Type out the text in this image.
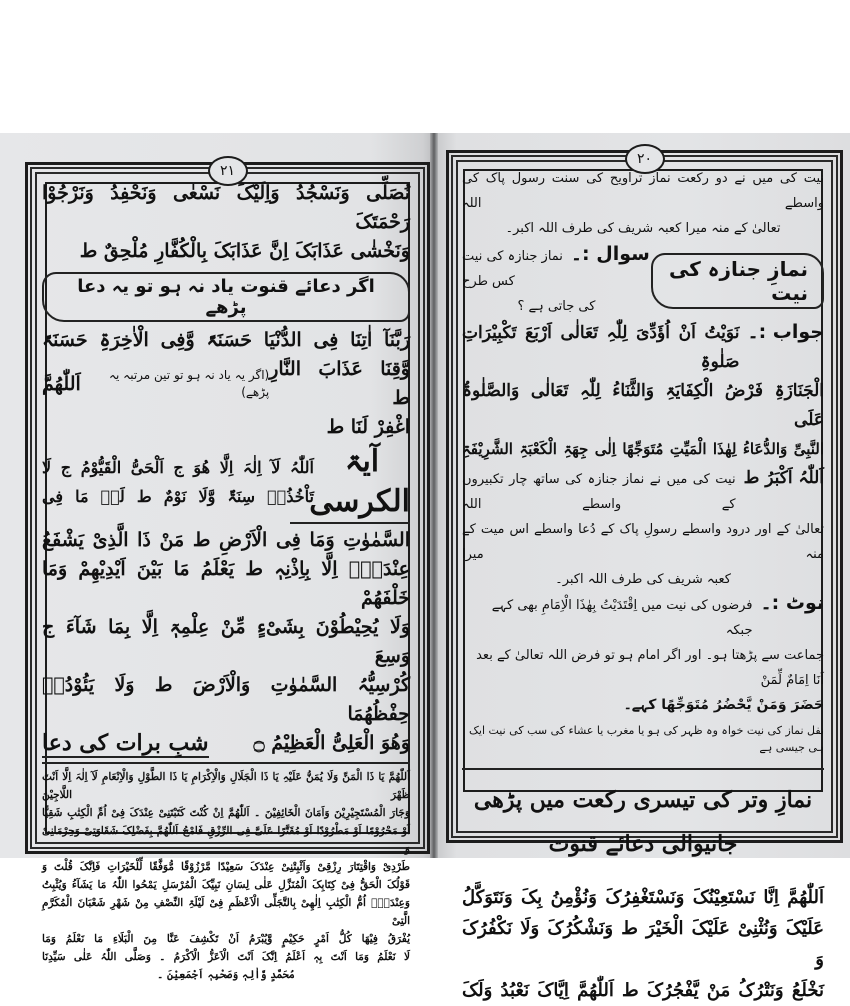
٢١
نُصَلِّی وَنَسْجُدُ وَاِلَیْکَ نَسْعٰی وَنَحْفِدُ وَنَرْجُوْا رَحْمَتَکَ
وَنَخْشٰی عَذَابَکَ اِنَّ عَذَابَکَ بِالْکُفَّارِ مُلْحِقٌ ط
اگر دعائے قنوت یاد نہ ہو تو یہ دعا پڑھے
رَبَّنَآ اٰتِنَا فِی الدُّنْیَا حَسَنَۃً وَّفِی الْاٰخِرَۃِ حَسَنَۃً
وَّقِنَا عَذَابَ النَّارِ ط
(اگر یہ یاد نہ ہو تو تین مرتبہ یہ پڑھے)
اَللّٰھُمَّ
اغْفِرْ لَنَا ط
آیۃ الکرسی
اَللّٰہُ لَآ اِلٰہَ اِلَّا ھُوَ ج اَلْحَیُّ الْقَیُّوْمُ ج لَا
تَاْخُذُہٗ سِنَۃٌ وَّلَا نَوْمٌ ط لَہٗ مَا فِی
السَّمٰوٰتِ وَمَا فِی الْاَرْضِ ط مَنْ ذَا الَّذِیْ یَشْفَعُ
عِنْدَہٗٓ اِلَّا بِاِذْنِہٖ ط یَعْلَمُ مَا بَیْنَ اَیْدِیْھِمْ وَمَا خَلْفَھُمْ
وَلَا یُحِیْطُوْنَ بِشَیْءٍ مِّنْ عِلْمِہٖٓ اِلَّا بِمَا شَآءَ ج وَسِعَ
کُرْسِیُّہُ السَّمٰوٰتِ وَالْاَرْضَ ط وَلَا یَئُوْدُہٗ حِفْظُھُمَا
وَھُوَ الْعَلِیُّ الْعَظِیْمُ ۝
شبِ برات کی دعا
اَللّٰھُمَّ یَا ذَا الْمَنِّ وَلَا یُمَنُّ عَلَیْہِ یَا ذَا الْجَلَالِ وَالْاِکْرَامِ یَا ذَا الطَّوْلِ وَالْاِنْعَامِ لَآ اِلٰہَ اِلَّا اَنْتَ ظَھْرَ اللَّاجِیْنَ
وَجَارَ الْمُسْتَجِیْرِیْنَ وَاَمَانَ الْخَائِفِیْنَ ۔ اَللّٰھُمَّ اِنْ کُنْتَ کَتَبْتَنِیْ عِنْدَکَ فِیْ اُمِّ الْکِتٰبِ شَقِیًّا
اَوْ مَحْرُوْمًا اَوْ مَطْرُوْدًا اَوْ مُقَتَّرًا عَلَیَّ فِی الرِّزْقِ فَامْحُ اَللّٰھُمَّ بِفَضْلِکَ شَقَاوَتِیْ وَحِرْمَانِیْ وَ
طَرْدِیْ وَاقْتِتَارَ رِزْقِیْ وَاَثْبِتْنِیْ عِنْدَکَ سَعِیْدًا مَّرْزُوْقًا مُّوَفَّقًا لِّلْخَیْرَاتِ فَاِنَّکَ قُلْتَ وَ
قَوْلُکَ الْحَقُّ فِیْ کِتَابِکَ الْمُنَزَّلِ عَلٰی لِسَانِ نَبِیِّکَ الْمُرْسَلِ یَمْحُوا اللّٰہُ مَا یَشَآءُ وَیُثْبِتُ
وَعِنْدَہٗٓ اُمُّ الْکِتٰبِ اِلٰھِیْ بِالتَّجَلِّی الْاَعْظَمِ فِیْ لَیْلَۃِ النِّصْفِ مِنْ شَھْرِ شَعْبَانَ الْمُکَرَّمِ الَّتِیْ
یُفْرَقُ فِیْھَا کُلُّ اَمْرٍ حَکِیْمٍ وَّیُبْرَمُ اَنْ تَکْشِفَ عَنَّا مِنَ الْبَلَاءِ مَا نَعْلَمُ وَمَا
لَا نَعْلَمُ وَمَا اَنْتَ بِہٖ اَعْلَمُ اِنَّکَ اَنْتَ الْاَعَزُّ الْاَکْرَمُ ۔ وَصَلَّی اللّٰہُ عَلٰی سَیِّدِنَا
مُحَمَّدٍ وَّاٰلِہٖ وَصَحْبِہٖ اَجْمَعِیْنَ ۔
٢٠
نیت کی میں نے دو رکعت نماز تراویح کی سنت رسول پاک کی واسطے اللہ
تعالیٰ کے منہ میرا کعبہ شریف کی طرف اللہ اکبر۔
نمازِ جنازہ کی نیت
سوال :۔نماز جنازہ کی نیت کس طرح
کی جاتی ہے ؟
جواب :۔
نَوَیْتُ اَنْ اُؤَدِّیَ لِلّٰہِ تَعَالٰی اَرْبَعَ تَکْبِیْرَاتِ صَلٰوۃِ
الْجَنَازَۃِ فَرْضُ الْکِفَایَۃِ وَالثَّنَاءُ لِلّٰہِ تَعَالٰی وَالصَّلٰوۃُ عَلَی
النَّبِیِّ وَالدُّعَاءُ لِھٰذَا الْمَیِّتِ مُتَوَجِّھًا اِلٰی جِھَۃِ الْکَعْبَۃِ الشَّرِیْفَۃِ
اَللّٰہُ اَکْبَرُ ط
نیت کی میں نے نماز جنازہ کی ساتھ چار تکبیروں کے واسطے اللہ
تعالیٰ کے اور درود واسطے رسولِ پاک کے دُعا واسطے اس میت کے منہ میرا
کعبہ شریف کی طرف اللہ اکبر۔
نوٹ :۔
فرضوں کی نیت میں اِقْتَدَیْتُ بِھٰذَا الْاِمَامِ بھی کہے جبکہ
جماعت سے پڑھتا ہو۔ اور اگر امام ہو تو فرض اللہ تعالیٰ کے بعد اَنَا اِمَامٌ لِّمَنْ
حَضَرَ وَمَنْ یَّحْضُرُ مُتَوَجِّھًا کہے۔
نفل نماز کی نیت خواہ وہ ظہر کی ہو یا مغرب یا عشاء کی سب کی نیت ایک ہی جیسی ہے
نمازِ وتر کی تیسری رکعت میں پڑھی جانیوالی دعائے قنوت
اَللّٰھُمَّ اِنَّا نَسْتَعِیْنُکَ وَنَسْتَغْفِرُکَ وَنُؤْمِنُ بِکَ وَنَتَوَکَّلُ
عَلَیْکَ وَنُثْنِیْ عَلَیْکَ الْخَیْرَ ط وَنَشْکُرُکَ وَلَا نَکْفُرُکَ وَ
نَخْلَعُ وَنَتْرُکُ مَنْ یَّفْجُرُکَ ط اَللّٰھُمَّ اِیَّاکَ نَعْبُدُ وَلَکَ
